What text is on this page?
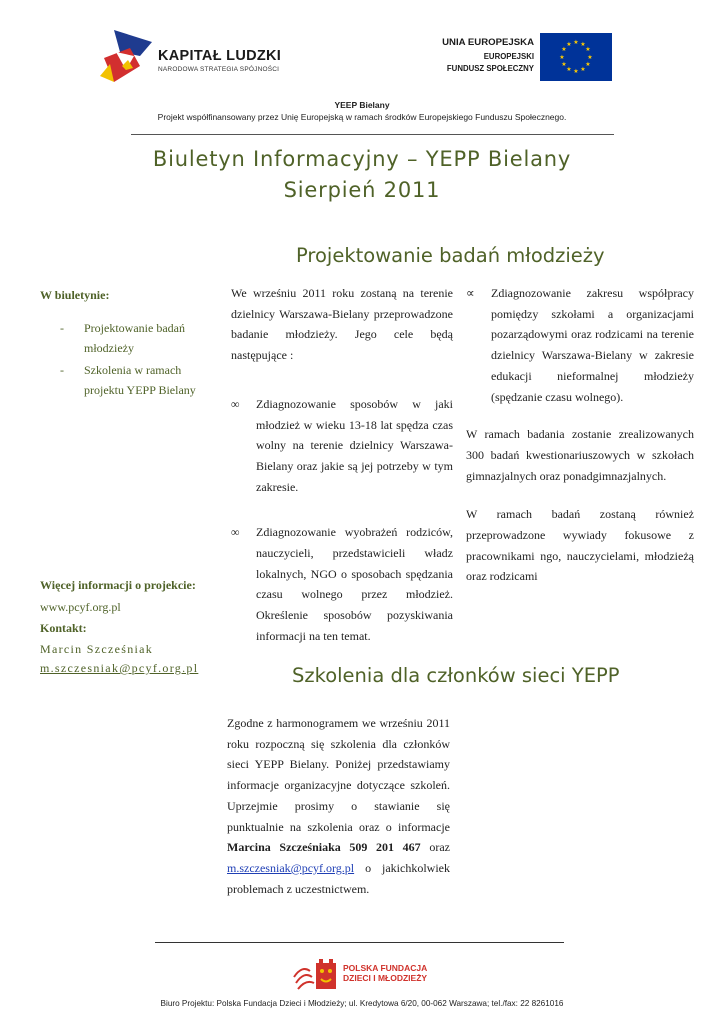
KAPITAŁ LUDZKI
NARODOWA STRATEGIA SPÓJNOŚCI
UNIA EUROPEJSKA
EUROPEJSKI
FUNDUSZ SPOŁECZNY
★ ★
★
★
★
★
★
★
★
★
★
★
YEEP Bielany
Projekt współfinansowany przez Unię Europejską w ramach środków Europejskiego Funduszu Społecznego.
Biuletyn Informacyjny – YEPP Bielany
Sierpień 2011
Projektowanie badań młodzieży
W biuletynie:
- Projektowanie badań młodzieży
- Szkolenia w ramach projektu YEPP Bielany
Więcej informacji o projekcie:
www.pcyf.org.pl
Kontakt:
Marcin Szcześniak
m.szczesniak@pcyf.org.pl

We wrześniu 2011 roku zostaną na terenie dzielnicy Warszawa-Bielany przeprowadzone badanie młodzieży. Jego cele będą następujące :

∞ Zdiagnozowanie sposobów w jaki młodzież w wieku 13-18 lat spędza czas wolny na terenie dzielnicy Warszawa-Bielany oraz jakie są jej potrzeby w tym zakresie.
∞ Zdiagnozowanie wyobrażeń rodziców, nauczycieli, przedstawicieli władz lokalnych, NGO o sposobach spędzania czasu wolnego przez młodzież. Określenie sposobów pozyskiwania informacji na ten temat.
∝ Zdiagnozowanie zakresu współpracy pomiędzy szkołami a organizacjami pozarządowymi oraz rodzicami na terenie dzielnicy Warszawa-Bielany w zakresie edukacji nieformalnej młodzieży (spędzanie czasu wolnego).

W ramach badania zostanie zrealizowanych 300 badań kwestionariuszowych w szkołach gimnazjalnych oraz ponadgimnazjalnych.

W ramach badań zostaną również przeprowadzone wywiady fokusowe z pracownikami ngo, nauczycielami, młodzieżą oraz rodzicami

Szkolenia dla członków sieci YEPP
Zgodne z harmonogramem we wrześniu 2011 roku rozpoczną się szkolenia dla członków sieci YEPP Bielany. Poniżej przedstawiamy informacje organizacyjne dotyczące szkoleń. Uprzejmie prosimy o stawianie się punktualnie na szkolenia oraz o informacje Marcina Szcześniaka 509 201 467 oraz m.szczesniak@pcyf.org.pl o jakichkolwiek problemach z uczestnictwem.
POLSKA FUNDACJA
DZIECI I MŁODZIEŻY
Biuro Projektu: Polska Fundacja Dzieci i Młodzieży; ul. Kredytowa 6/20, 00-062 Warszawa; tel./fax: 22 8261016
